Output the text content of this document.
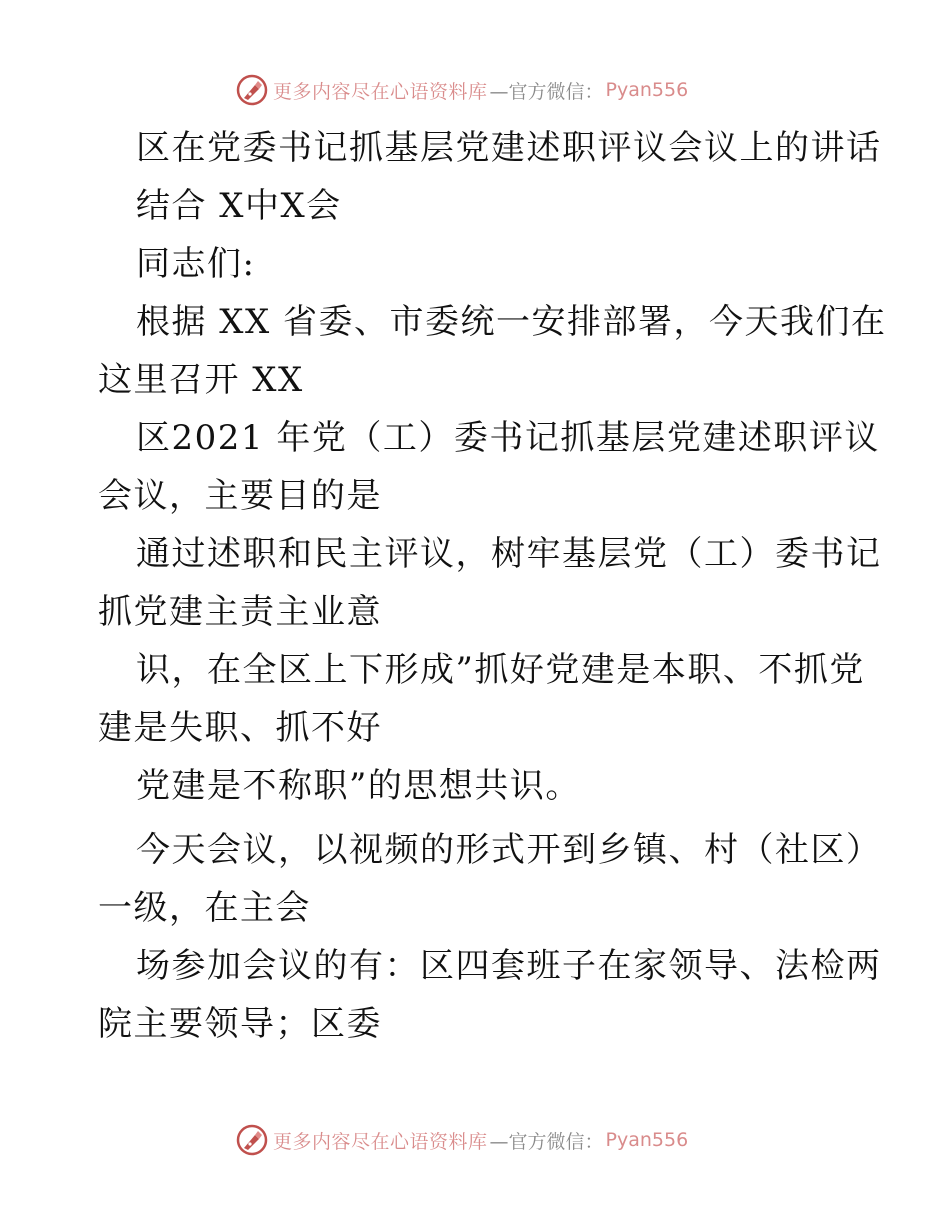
更多内容尽在心语资料库 —官方微信： Pyan556
区在党委书记抓基层党建述职评议会议上的讲话
结合 X中X会
同志们:
根据 XX 省委、市委统一安排部署，今天我们在
这里召开 XX
区2021 年党（工）委书记抓基层党建述职评议
会议，主要目的是
通过述职和民主评议，树牢基层党（工）委书记
抓党建主责主业意
识，在全区上下形成”抓好党建是本职、不抓党
建是失职、抓不好
党建是不称职”的思想共识。
今天会议，以视频的形式开到乡镇、村（社区）
一级，在主会
场参加会议的有：区四套班子在家领导、法检两
院主要领导；区委
更多内容尽在心语资料库 —官方微信： Pyan556
